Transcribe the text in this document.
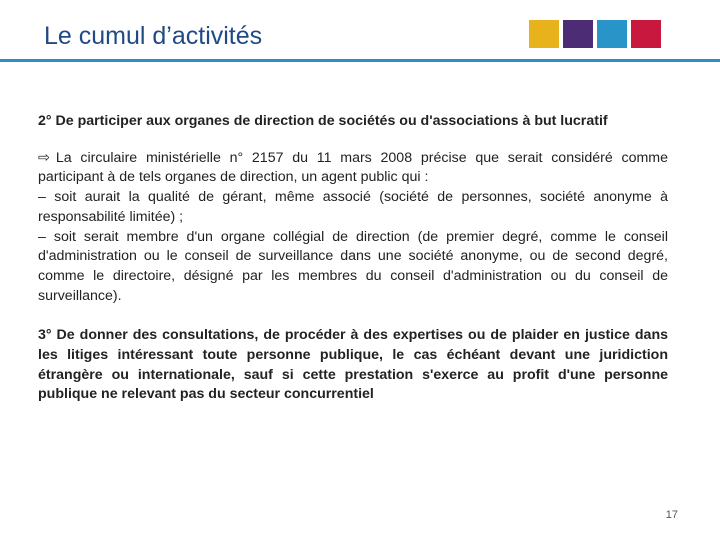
Le cumul d’activités

2° De participer aux organes de direction de sociétés ou d'associations à but lucratif

⇨ La circulaire ministérielle n° 2157 du 11 mars 2008 précise que serait considéré comme participant à de tels organes de direction, un agent public qui :

– soit aurait la qualité de gérant, même associé (société de personnes, société anonyme à responsabilité limitée) ;

– soit serait membre d'un organe collégial de direction (de premier degré, comme le conseil d'administration ou le conseil de surveillance dans une société anonyme, ou de second degré, comme le directoire, désigné par les membres du conseil d'administration ou du conseil de surveillance).

3° De donner des consultations, de procéder à des expertises ou de plaider en justice dans les litiges intéressant toute personne publique, le cas échéant devant une juridiction étrangère ou internationale, sauf si cette prestation s'exerce au profit d'une personne publique ne relevant pas du secteur concurrentiel

17
